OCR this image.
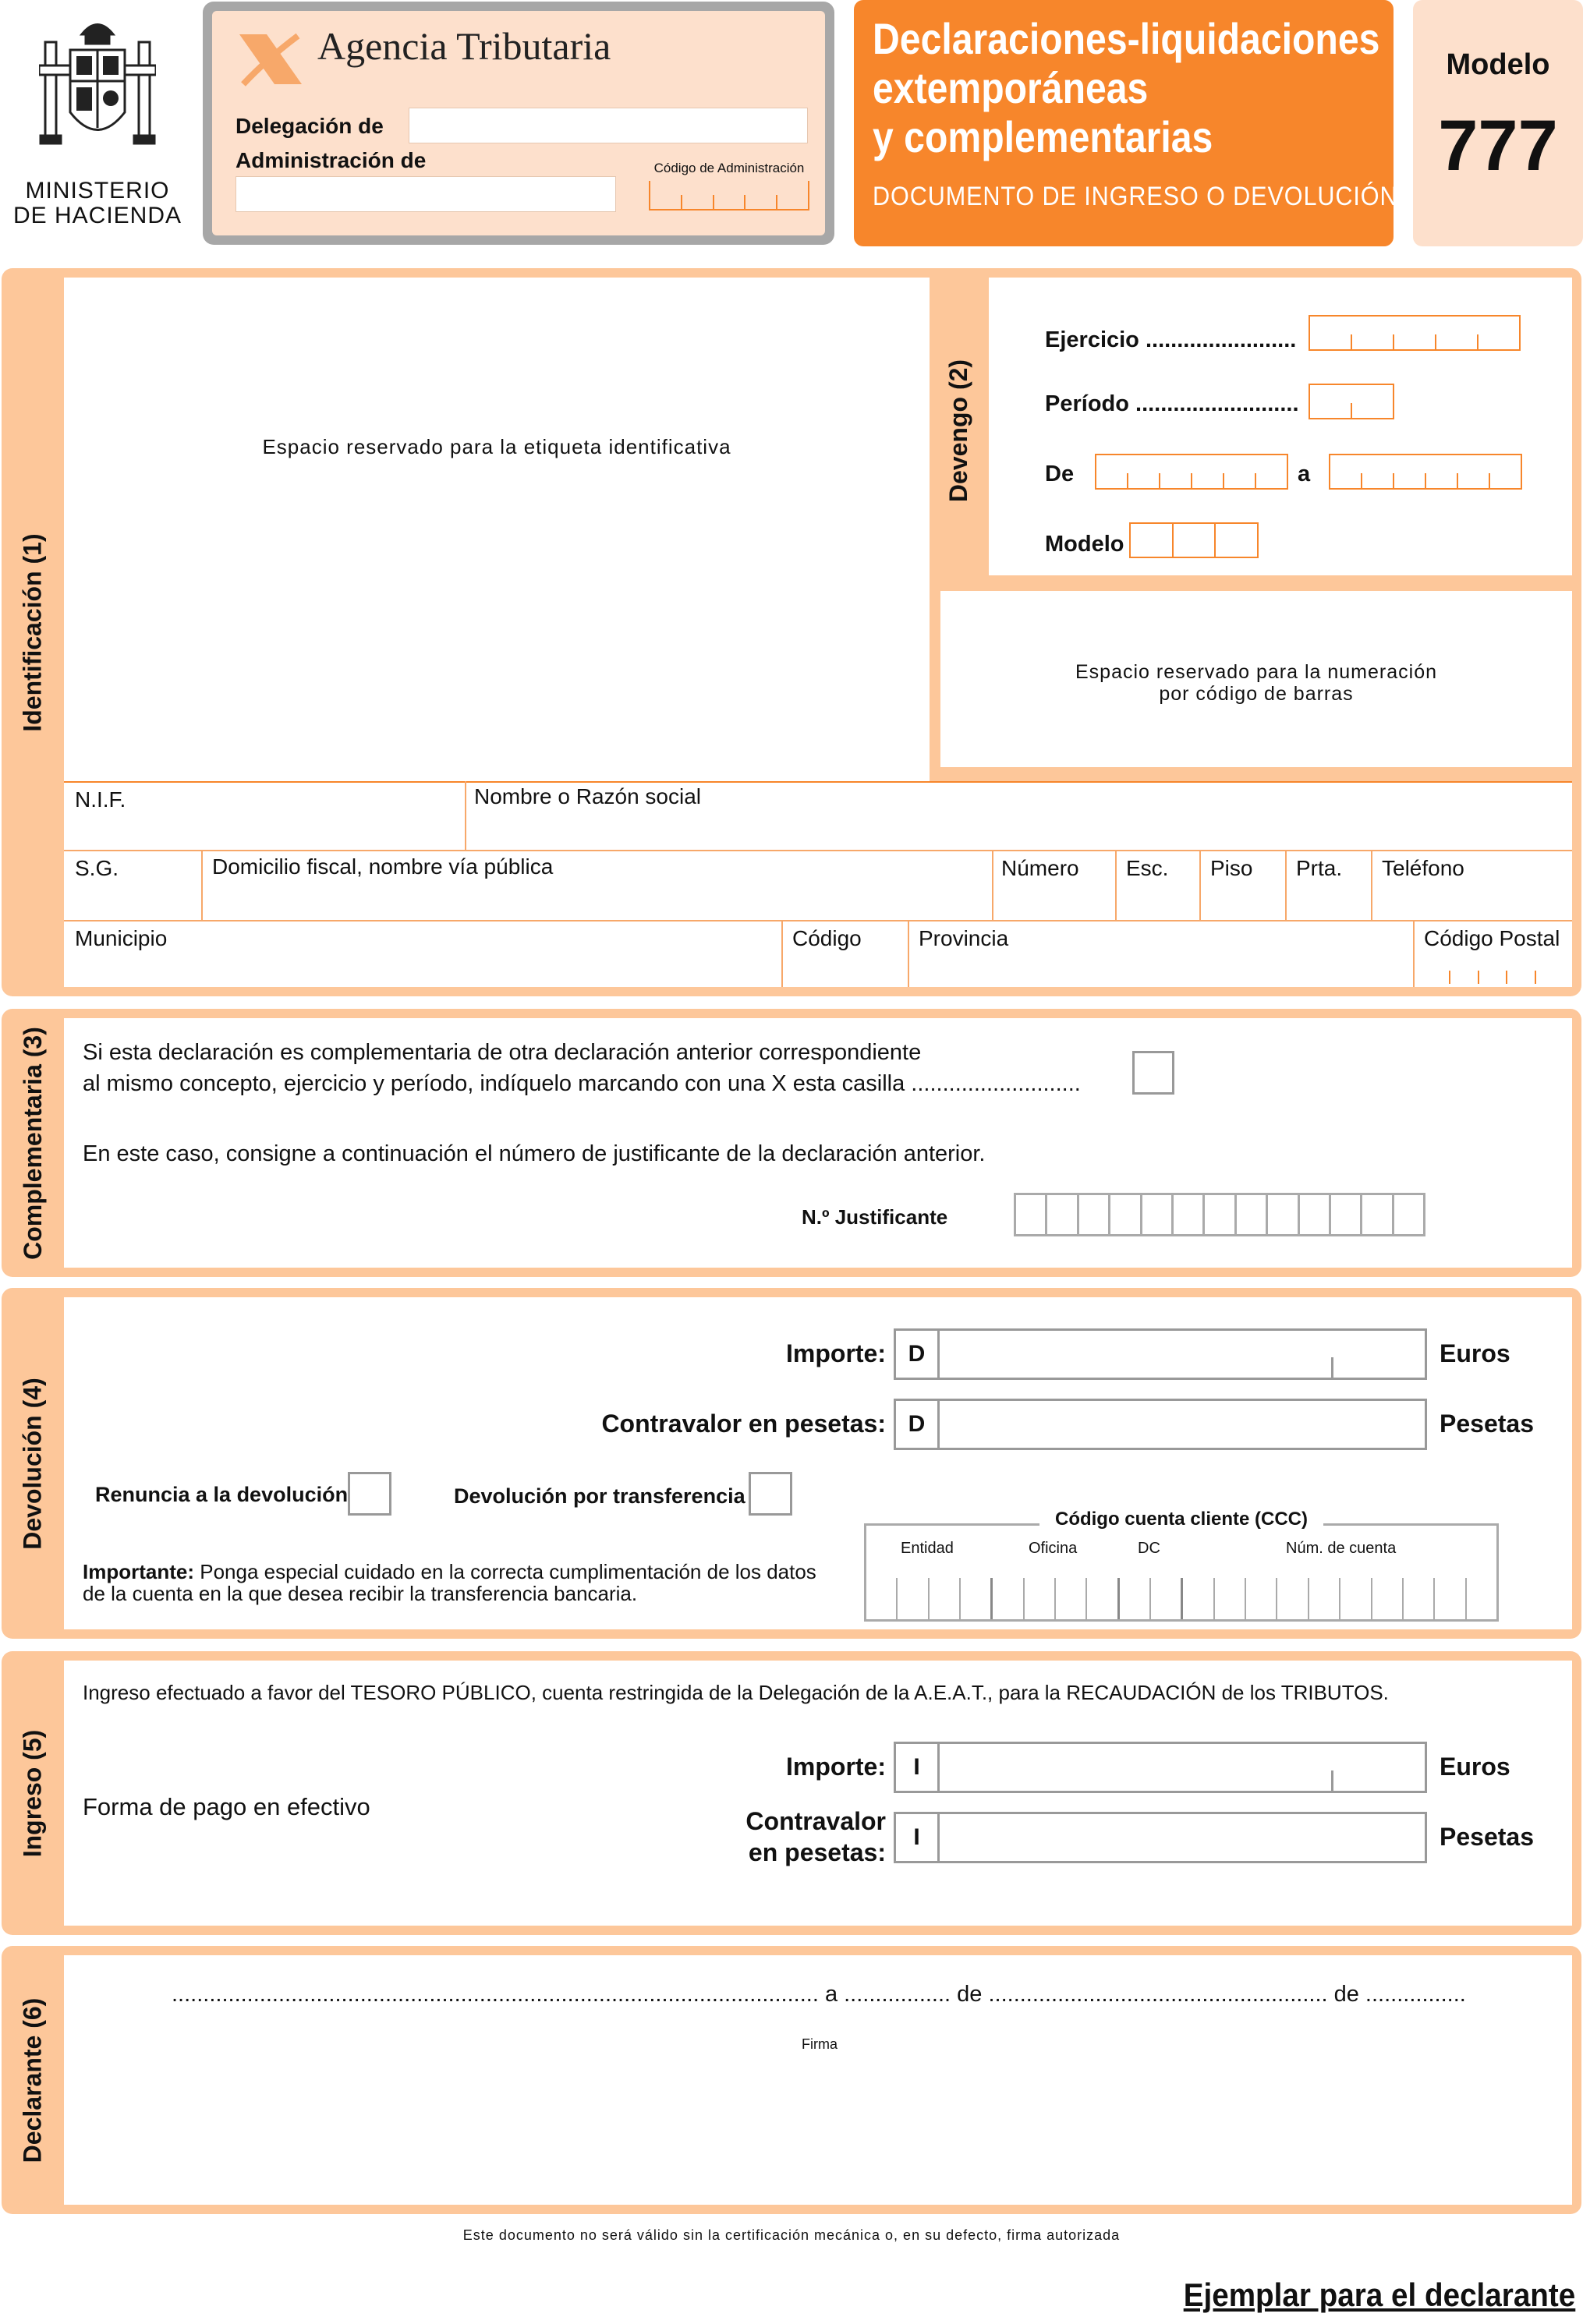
MINISTERIO
DE HACIENDA
Agencia Tributaria
Delegación de
Administración de	Código de Administración
Declaraciones-liquidaciones
extemporáneas
y complementarias
DOCUMENTO DE INGRESO O DEVOLUCIÓN
Modelo
777
Identificación (1)
Espacio reservado para la etiqueta identificativa	Devengo (2)
Ejercicio ........................
Período ..........................
De	a
Modelo
Espacio reservado para la numeración
por código de barras
N.I.F.	Nombre o Razón social
S.G.	Domicilio fiscal, nombre vía pública	Número Esc. Piso Prta. Teléfono
Municipio	Código	Provincia	Código Postal
Complementaria (3) Si esta declaración es complementaria de otra declaración anterior correspondiente
al mismo concepto, ejercicio y período, indíquelo marcando con una X esta casilla ...........................
En este caso, consigne a continuación el número de justificante de la declaración anterior.
N.º Justificante
Devolución (4)
Importe: D	Euros
Contravalor en pesetas: D	Pesetas
Renuncia a la devolución	Devolución por transferencia
Importante: Ponga especial cuidado en la correcta cumplimentación de los datos
de la cuenta en la que desea recibir la transferencia bancaria.
Código cuenta cliente (CCC)
Entidad	Oficina	DC	Núm. de cuenta
Ingreso (5)
Ingreso efectuado a favor del TESORO PÚBLICO, cuenta restringida de la Delegación de la A.E.A.T., para la RECAUDACIÓN de los TRIBUTOS.
Forma de pago en efectivo
Importe:	I	Euros
Contravalor
en pesetas:
I	Pesetas
Declarante (6)
....................................................................................................... a ................. de ...................................................... de ................
Firma
Este documento no será válido sin la certificación mecánica o, en su defecto, firma autorizada
Ejemplar para el declarante
